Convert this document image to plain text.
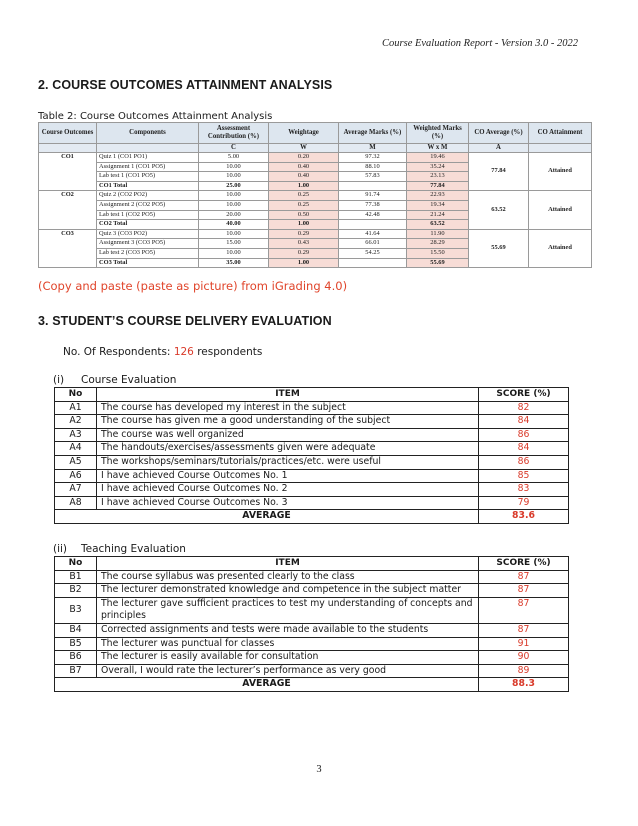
Course Evaluation Report - Version 3.0 - 2022
2. COURSE OUTCOMES ATTAINMENT ANALYSIS
Table 2: Course Outcomes Attainment Analysis
Course Outcomes	Components	Assessment Contribution (%)	Weightage	Average Marks (%)	Weighted Marks (%)	CO Average (%)	CO Attainment
		C	W	M	W x M	A	
CO1	Quiz 1 (CO1 PO1)	5.00	0.20	97.32	19.46	77.84	Attained
	Assignment 1 (CO1 PO5)	10.00	0.40	88.10	35.24		
	Lab test 1 (CO1 PO5)	10.00	0.40	57.83	23.13		
	CO1 Total	25.00	1.00		77.84		
CO2	Quiz 2 (CO2 PO2)	10.00	0.25	91.74	22.93	63.52	Attained
	Assignment 2 (CO2 PO5)	10.00	0.25	77.38	19.34		
	Lab test 1 (CO2 PO5)	20.00	0.50	42.48	21.24		
	CO2 Total	40.00	1.00		63.52		
CO3	Quiz 3 (CO3 PO2)	10.00	0.29	41.64	11.90	55.69	Attained
	Assignment 3 (CO3 PO5)	15.00	0.43	66.01	28.29		
	Lab test 2 (CO3 PO5)	10.00	0.29	54.25	15.50		
	CO3 Total	35.00	1.00		55.69		
(Copy and paste (paste as picture) from iGrading 4.0)
3. STUDENT’S COURSE DELIVERY EVALUATION
No. Of Respondents: 126 respondents
(i) Course Evaluation
No	ITEM	SCORE (%)
A1	The course has developed my interest in the subject	82
A2	The course has given me a good understanding of the subject	84
A3	The course was well organized	86
A4	The handouts/exercises/assessments given were adequate	84
A5	The workshops/seminars/tutorials/practices/etc. were useful	86
A6	I have achieved Course Outcomes No. 1	85
A7	I have achieved Course Outcomes No. 2	83
A8	I have achieved Course Outcomes No. 3	79
AVERAGE		83.6
(ii) Teaching Evaluation
No	ITEM	SCORE (%)
B1	The course syllabus was presented clearly to the class	87
B2	The lecturer demonstrated knowledge and competence in the subject matter	87
B3	The lecturer gave sufficient practices to test my understanding of concepts and principles	87
B4	Corrected assignments and tests were made available to the students	87
B5	The lecturer was punctual for classes	91
B6	The lecturer is easily available for consultation	90
B7	Overall, I would rate the lecturer’s performance as very good	89
AVERAGE		88.3
3
